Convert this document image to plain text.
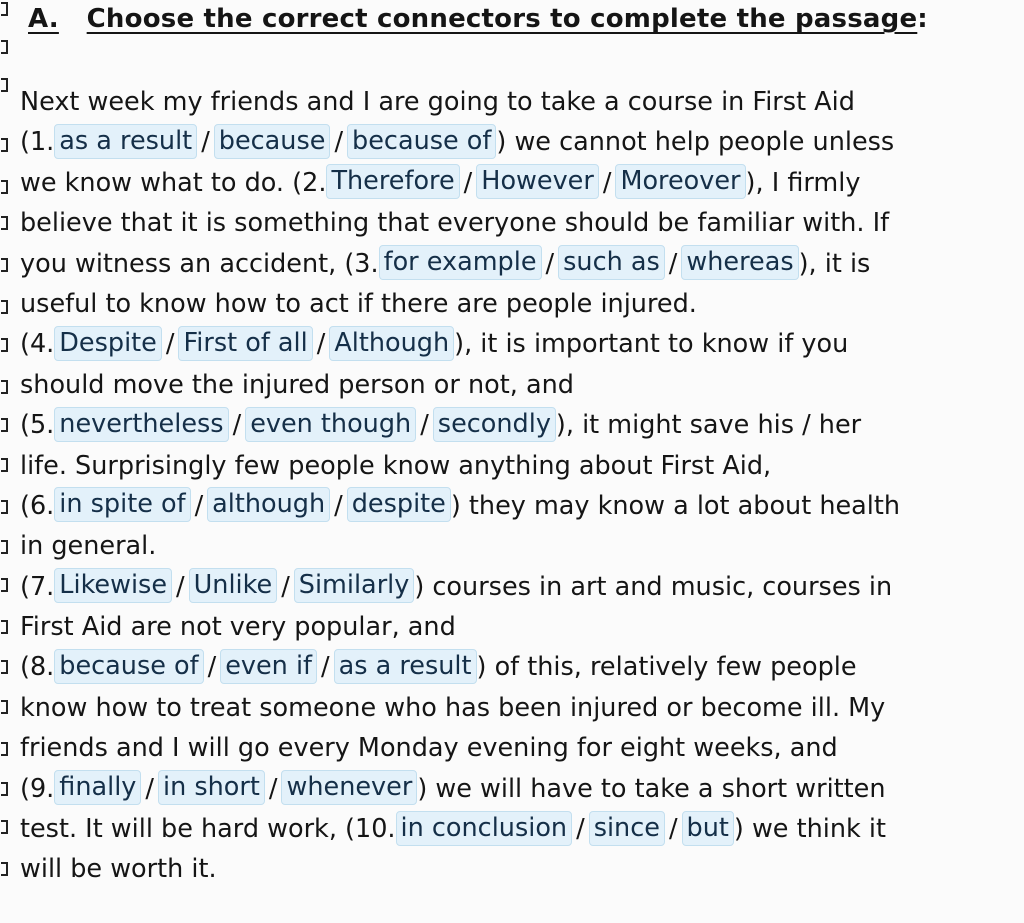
A. Choose the correct connectors to complete the passage:
Next week my friends and I are going to take a course in First Aid
(1. as a result / because / because of ) we cannot help people unless
we know what to do. (2. Therefore / However / Moreover ), I firmly
believe that it is something that everyone should be familiar with. If
you witness an accident, (3. for example / such as / whereas ), it is
useful to know how to act if there are people injured.
(4. Despite / First of all / Although ), it is important to know if you
should move the injured person or not, and
(5. nevertheless / even though / secondly ), it might save his / her
life. Surprisingly few people know anything about First Aid,
(6. in spite of / although / despite ) they may know a lot about health
in general.
(7. Likewise / Unlike / Similarly ) courses in art and music, courses in
First Aid are not very popular, and
(8. because of / even if / as a result ) of this, relatively few people
know how to treat someone who has been injured or become ill. My
friends and I will go every Monday evening for eight weeks, and
(9. finally / in short / whenever ) we will have to take a short written
test. It will be hard work, (10. in conclusion / since / but ) we think it
will be worth it.
